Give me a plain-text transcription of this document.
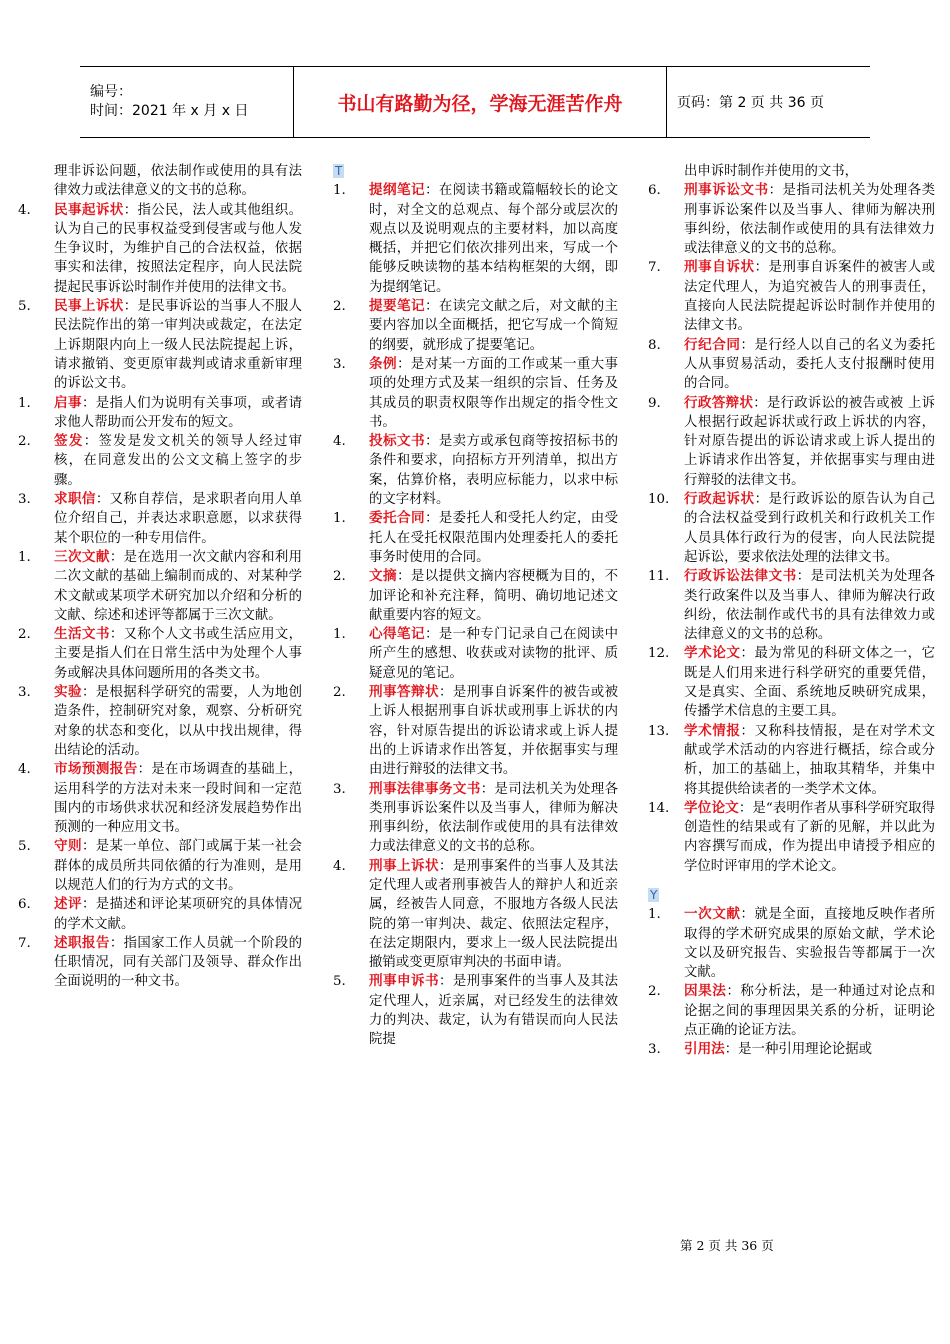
编号：
时间：2021 年 x 月 x 日	书山有路勤为径，学海无涯苦作舟	页码：第 2 页 共 36 页
理非诉讼问题，依法制作或使用的具有法律效力或法律意义的文书的总称。
4.	民事起诉状：指公民，法人或其他组织。认为自己的民事权益受到侵害或与他人发生争议时，为维护自己的合法权益，依据事实和法律，按照法定程序，向人民法院提起民事诉讼时制作并使用的法律文书。
5.	民事上诉状：是民事诉讼的当事人不服人民法院作出的第一审判决或裁定，在法定上诉期限内向上一级人民法院提起上诉，请求撤销、变更原审裁判或请求重新审理的诉讼文书。
1.	启事：是指人们为说明有关事项，或者请求他人帮助而公开发布的短文。
2.	签发：签发是发文机关的领导人经过审核，在同意发出的公文文稿上签字的步骤。
3.	求职信：又称自荐信，是求职者向用人单位介绍自己，并表达求职意愿，以求获得某个职位的一种专用信件。
1.	三次文献：是在选用一次文献内容和利用二次文献的基础上编制而成的、对某种学术文献或某项学术研究加以介绍和分析的文献、综述和述评等都属于三次文献。
2.	生活文书：又称个人文书或生活应用文，主要是指人们在日常生活中为处理个人事务或解决具体问题所用的各类文书。
3.	实验：是根据科学研究的需要，人为地创造条件，控制研究对象，观察、分析研究对象的状态和变化，以从中找出规律，得出结论的活动。
4.	市场预测报告：是在市场调查的基础上，运用科学的方法对未来一段时间和一定范围内的市场供求状况和经济发展趋势作出预测的一种应用文书。
5.	守则：是某一单位、部门或属于某一社会群体的成员所共同依循的行为准则，是用以规范人们的行为方式的文书。
6.	述评：是描述和评论某项研究的具体情况的学术文献。
7.	述职报告：指国家工作人员就一个阶段的任职情况，同有关部门及领导、群众作出全面说明的一种文书。
T
1.	提纲笔记：在阅读书籍或篇幅较长的论文时，对全文的总观点、每个部分或层次的观点以及说明观点的主要材料，加以高度概括，并把它们依次排列出来，写成一个能够反映读物的基本结构框架的大纲，即为提纲笔记。
2.	提要笔记：在读完文献之后，对文献的主要内容加以全面概括，把它写成一个简短的纲要，就形成了提要笔记。
3.	条例：是对某一方面的工作或某一重大事项的处理方式及某一组织的宗旨、任务及其成员的职责权限等作出规定的指令性文书。
4.	投标文书：是卖方或承包商等按招标书的条件和要求，向招标方开列清单，拟出方案，估算价格，表明应标能力，以求中标的文字材料。
1.	委托合同：是委托人和受托人约定，由受托人在受托权限范围内处理委托人的委托事务时使用的合同。
2.	文摘：是以提供文摘内容梗概为目的，不加评论和补充注释，简明、确切地记述文献重要内容的短文。
1.	心得笔记：是一种专门记录自己在阅读中所产生的感想、收获或对读物的批评、质疑意见的笔记。
2.	刑事答辩状：是刑事自诉案件的被告或被上诉人根据刑事自诉状或刑事上诉状的内容，针对原告提出的诉讼请求或上诉人提出的上诉请求作出答复，并依据事实与理由进行辩驳的法律文书。
3.	刑事法律事务文书：是司法机关为处理各类刑事诉讼案件以及当事人，律师为解决刑事纠纷，依法制作或使用的具有法律效力或法律意义的文书的总称。
4.	刑事上诉状：是刑事案件的当事人及其法定代理人或者刑事被告人的辩护人和近亲属，经被告人同意，不服地方各级人民法院的第一审判决、裁定、依照法定程序，在法定期限内，要求上一级人民法院提出撤销或变更原审判决的书面申请。
5.	刑事申诉书：是刑事案件的当事人及其法定代理人，近亲属，对已经发生的法律效力的判决、裁定，认为有错误而向人民法院提
出申诉时制作并使用的文书，
6.	刑事诉讼文书：是指司法机关为处理各类刑事诉讼案件以及当事人、律师为解决刑事纠纷，依法制作或使用的具有法律效力或法律意义的文书的总称。
7.	刑事自诉状：是刑事自诉案件的被害人或法定代理人，为追究被告人的刑事责任，直接向人民法院提起诉讼时制作并使用的法律文书。
8.	行纪合同：是行经人以自己的名义为委托人从事贸易活动，委托人支付报酬时使用的合同。
9.	行政答辩状：是行政诉讼的被告或被 上诉人根据行政起诉状或行政上诉状的内容，针对原告提出的诉讼请求或上诉人提出的上诉请求作出答复，并依据事实与理由进行辩驳的法律文书。
10.	行政起诉状：是行政诉讼的原告认为自己的合法权益受到行政机关和行政机关工作人员具体行政行为的侵害，向人民法院提起诉讼，要求依法处理的法律文书。
11.	行政诉讼法律文书：是司法机关为处理各类行政案件以及当事人、律师为解决行政纠纷，依法制作或代书的具有法律效力或法律意义的文书的总称。
12.	学术论文：最为常见的科研文体之一，它既是人们用来进行科学研究的重要凭借，又是真实、全面、系统地反映研究成果，传播学术信息的主要工具。
13.	学术情报：又称科技情报，是在对学术文献或学术活动的内容进行概括，综合或分析，加工的基础上，抽取其精华，并集中将其提供给读者的一类学术文体。
14.	学位论文：是“表明作者从事科学研究取得创造性的结果或有了新的见解，并以此为内容撰写而成，作为提出申请授予相应的学位时评审用的学术论文。
Y
1.	一次文献：就是全面，直接地反映作者所取得的学术研究成果的原始文献，学术论文以及研究报告、实验报告等都属于一次文献。
2.	因果法：称分析法，是一种通过对论点和论据之间的事理因果关系的分析，证明论点正确的论证方法。
3.	引用法：是一种引用理论论据或
第 2 页 共 36 页
